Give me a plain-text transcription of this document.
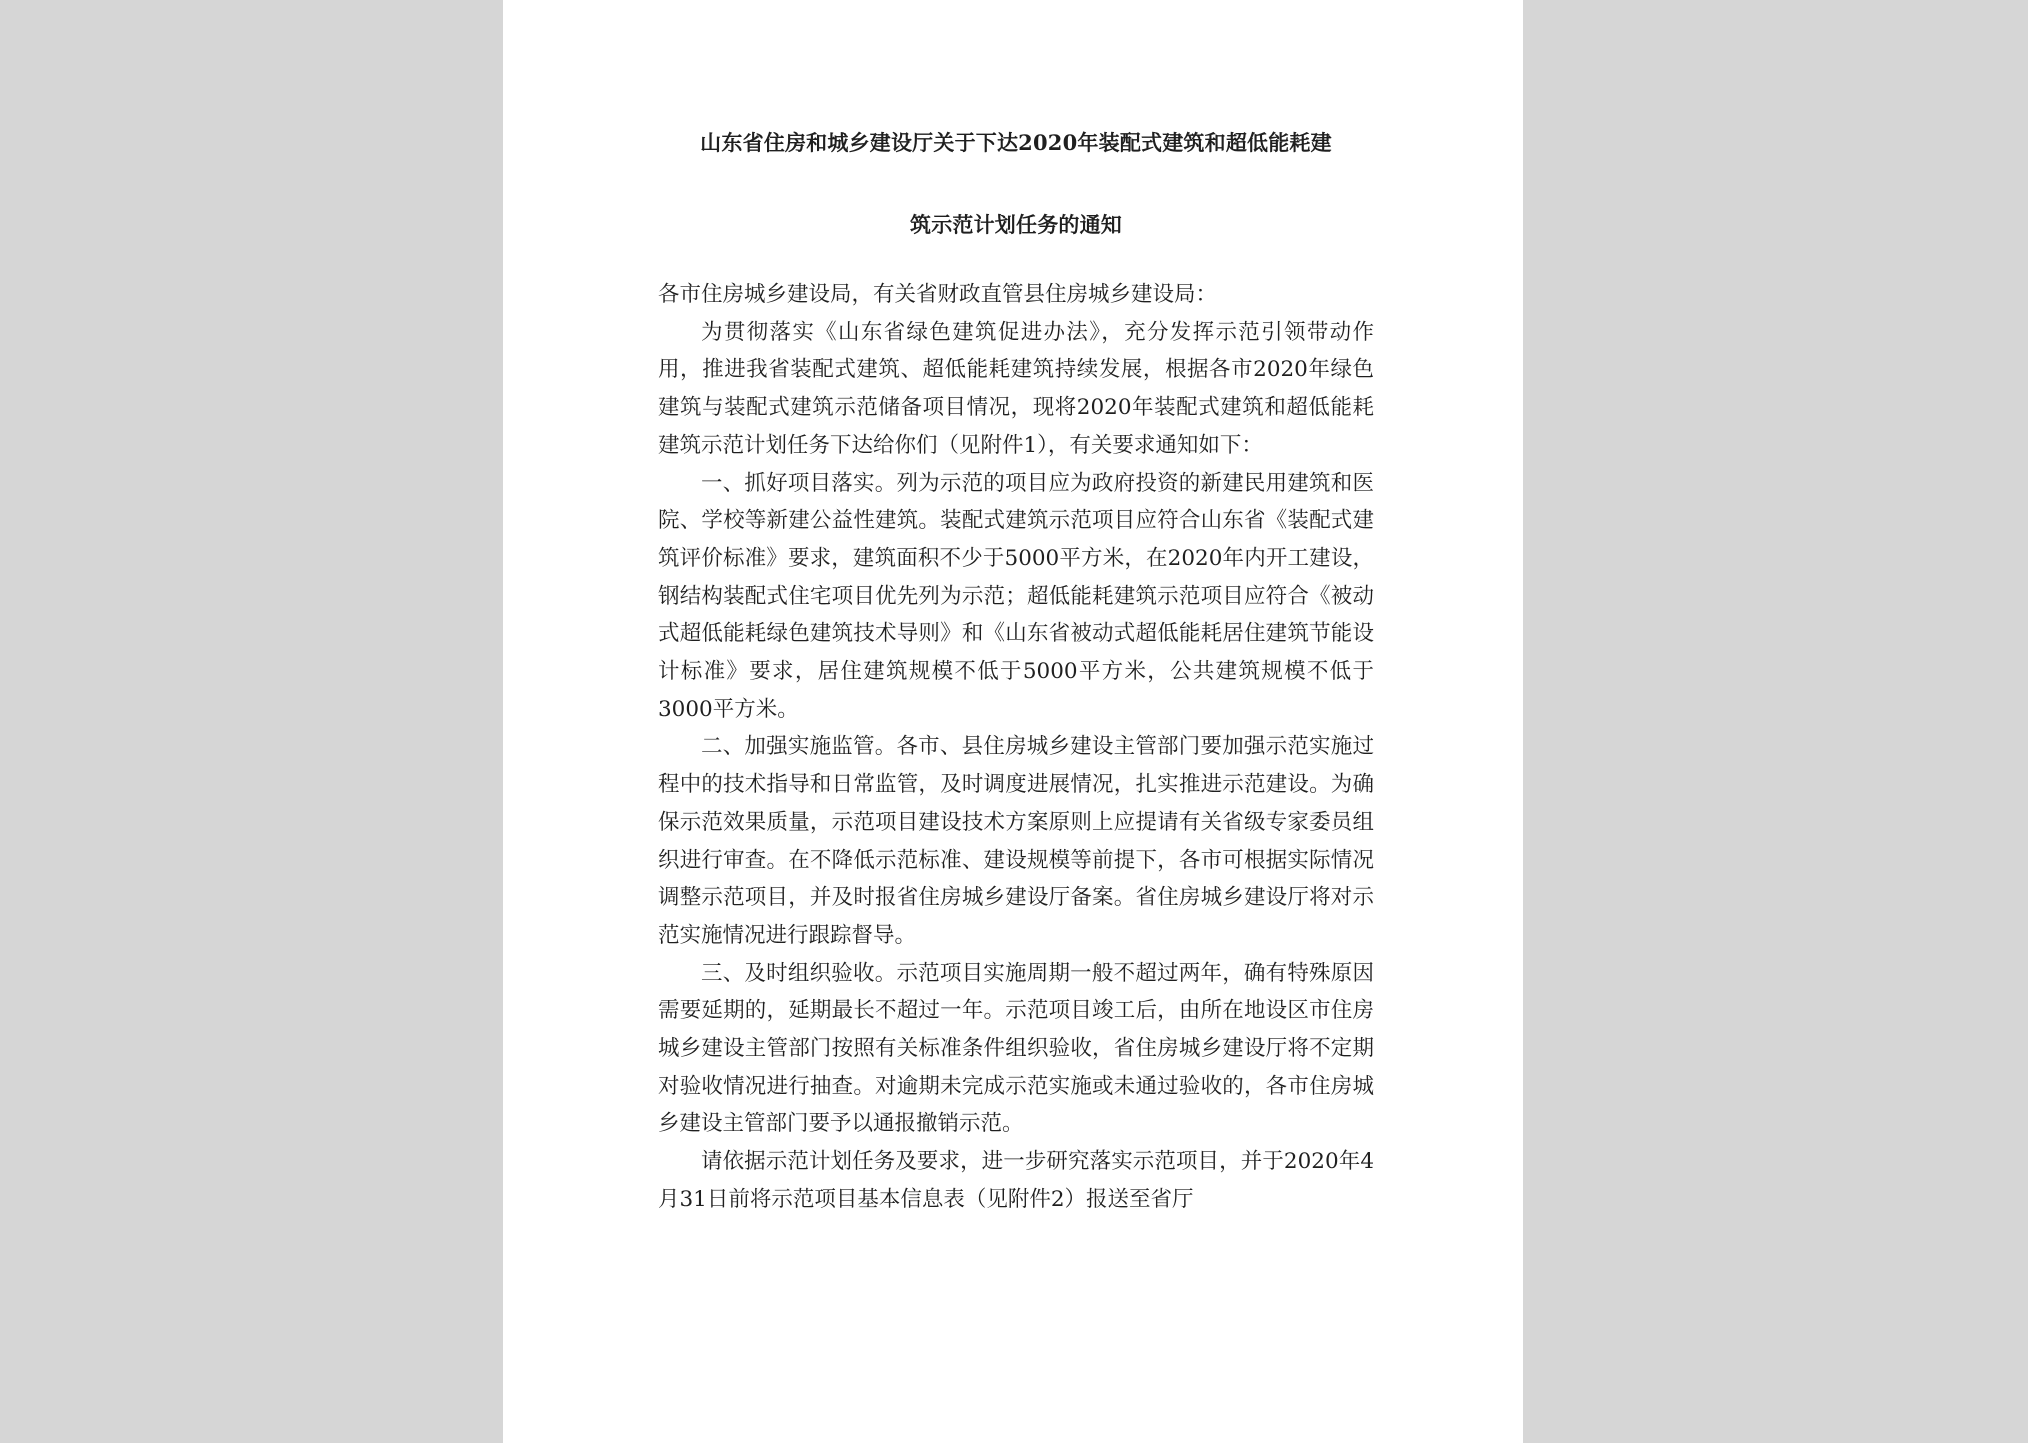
山东省住房和城乡建设厅关于下达2020年装配式建筑和超低能耗建
筑示范计划任务的通知

各市住房城乡建设局，有关省财政直管县住房城乡建设局：

为贯彻落实《山东省绿色建筑促进办法》，充分发挥示范引领带动作用，推进我省装配式建筑、超低能耗建筑持续发展，根据各市2020年绿色建筑与装配式建筑示范储备项目情况，现将2020年装配式建筑和超低能耗建筑示范计划任务下达给你们（见附件1），有关要求通知如下：

一、抓好项目落实。列为示范的项目应为政府投资的新建民用建筑和医院、学校等新建公益性建筑。装配式建筑示范项目应符合山东省《装配式建筑评价标准》要求，建筑面积不少于5000平方米，在2020年内开工建设，钢结构装配式住宅项目优先列为示范；超低能耗建筑示范项目应符合《被动式超低能耗绿色建筑技术导则》和《山东省被动式超低能耗居住建筑节能设计标准》要求，居住建筑规模不低于5000平方米，公共建筑规模不低于3000平方米。

二、加强实施监管。各市、县住房城乡建设主管部门要加强示范实施过程中的技术指导和日常监管，及时调度进展情况，扎实推进示范建设。为确保示范效果质量，示范项目建设技术方案原则上应提请有关省级专家委员组织进行审查。在不降低示范标准、建设规模等前提下，各市可根据实际情况调整示范项目，并及时报省住房城乡建设厅备案。省住房城乡建设厅将对示范实施情况进行跟踪督导。

三、及时组织验收。示范项目实施周期一般不超过两年，确有特殊原因需要延期的，延期最长不超过一年。示范项目竣工后，由所在地设区市住房城乡建设主管部门按照有关标准条件组织验收，省住房城乡建设厅将不定期对验收情况进行抽查。对逾期未完成示范实施或未通过验收的，各市住房城乡建设主管部门要予以通报撤销示范。

请依据示范计划任务及要求，进一步研究落实示范项目，并于2020年4月31日前将示范项目基本信息表（见附件2）报送至省厅
